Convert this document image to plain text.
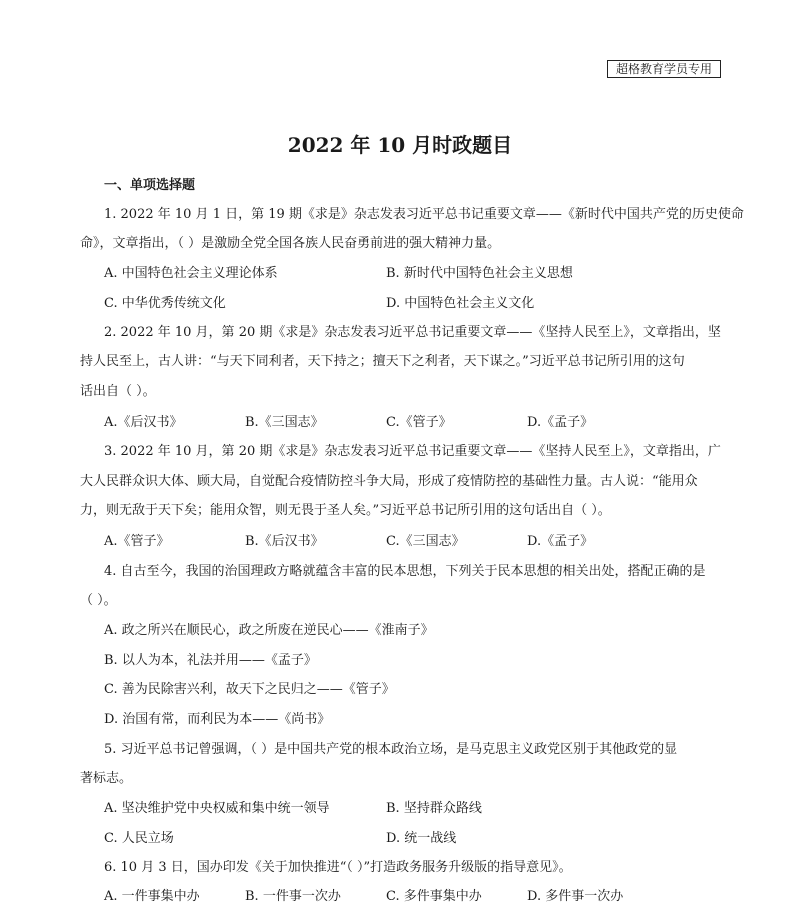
超格教育学员专用
2022 年 10 月时政题目
一、单项选择题
1. 2022 年 10 月 1 日，第 19 期《求是》杂志发表习近平总书记重要文章——《新时代中国共产党的历史使命
命》，文章指出，（ ）是激励全党全国各族人民奋勇前进的强大精神力量。
A. 中国特色社会主义理论体系	B. 新时代中国特色社会主义思想
C. 中华优秀传统文化	D. 中国特色社会主义文化
2. 2022 年 10 月，第 20 期《求是》杂志发表习近平总书记重要文章——《坚持人民至上》，文章指出，坚
持人民至上，古人讲：“与天下同利者，天下持之；擅天下之利者，天下谋之。”习近平总书记所引用的这句
话出自（ ）。
A.《后汉书》	B.《三国志》	C.《管子》	D.《孟子》
3. 2022 年 10 月，第 20 期《求是》杂志发表习近平总书记重要文章——《坚持人民至上》，文章指出，广
大人民群众识大体、顾大局，自觉配合疫情防控斗争大局，形成了疫情防控的基础性力量。古人说：“能用众
力，则无敌于天下矣；能用众智，则无畏于圣人矣。”习近平总书记所引用的这句话出自（ ）。
A.《管子》	B.《后汉书》	C.《三国志》	D.《孟子》
4. 自古至今，我国的治国理政方略就蕴含丰富的民本思想，下列关于民本思想的相关出处，搭配正确的是
（ ）。
A. 政之所兴在顺民心，政之所废在逆民心——《淮南子》
B. 以人为本，礼法并用——《孟子》
C. 善为民除害兴利，故天下之民归之——《管子》
D. 治国有常，而利民为本——《尚书》
5. 习近平总书记曾强调，（ ）是中国共产党的根本政治立场，是马克思主义政党区别于其他政党的显
著标志。
A. 坚决维护党中央权威和集中统一领导	B. 坚持群众路线
C. 人民立场	D. 统一战线
6. 10 月 3 日，国办印发《关于加快推进“（ ）”打造政务服务升级版的指导意见》。
A. 一件事集中办	B. 一件事一次办	C. 多件事集中办	D. 多件事一次办
